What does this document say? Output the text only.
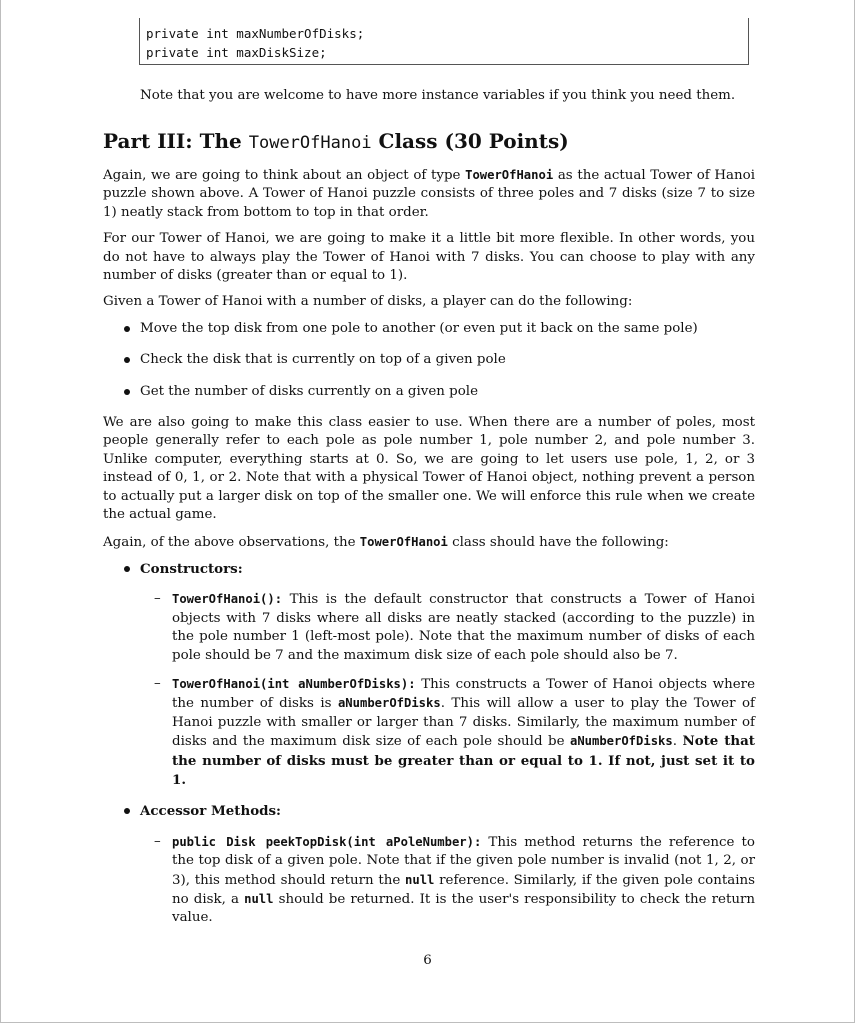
private int maxNumberOfDisks;
private int maxDiskSize;
Note that you are welcome to have more instance variables if you think you need them.
Part III: The TowerOfHanoi Class (30 Points)

Again, we are going to think about an object of type TowerOfHanoi as the actual Tower of Hanoi puzzle shown above. A Tower of Hanoi puzzle consists of three poles and 7 disks (size 7 to size 1) neatly stack from bottom to top in that order.

For our Tower of Hanoi, we are going to make it a little bit more flexible. In other words, you do not have to always play the Tower of Hanoi with 7 disks. You can choose to play with any number of disks (greater than or equal to 1).

Given a Tower of Hanoi with a number of disks, a player can do the following:

Move the top disk from one pole to another (or even put it back on the same pole)
Check the disk that is currently on top of a given pole
Get the number of disks currently on a given pole

We are also going to make this class easier to use. When there are a number of poles, most people generally refer to each pole as pole number 1, pole number 2, and pole number 3. Unlike computer, everything starts at 0. So, we are going to let users use pole, 1, 2, or 3 instead of 0, 1, or 2. Note that with a physical Tower of Hanoi object, nothing prevent a person to actually put a larger disk on top of the smaller one. We will enforce this rule when we create the actual game.

Again, of the above observations, the TowerOfHanoi class should have the following:

Constructors:
– TowerOfHanoi(): This is the default constructor that constructs a Tower of Hanoi objects with 7 disks where all disks are neatly stacked (according to the puzzle) in the pole number 1 (left-most pole). Note that the maximum number of disks of each pole should be 7 and the maximum disk size of each pole should also be 7.
– TowerOfHanoi(int aNumberOfDisks): This constructs a Tower of Hanoi objects where the number of disks is aNumberOfDisks. This will allow a user to play the Tower of Hanoi puzzle with smaller or larger than 7 disks. Similarly, the maximum number of disks and the maximum disk size of each pole should be aNumberOfDisks. Note that the number of disks must be greater than or equal to 1. If not, just set it to 1.
Accessor Methods:
– public Disk peekTopDisk(int aPoleNumber): This method returns the reference to the top disk of a given pole. Note that if the given pole number is invalid (not 1, 2, or 3), this method should return the null reference. Similarly, if the given pole contains no disk, a null should be returned. It is the user's responsibility to check the return value.
6
